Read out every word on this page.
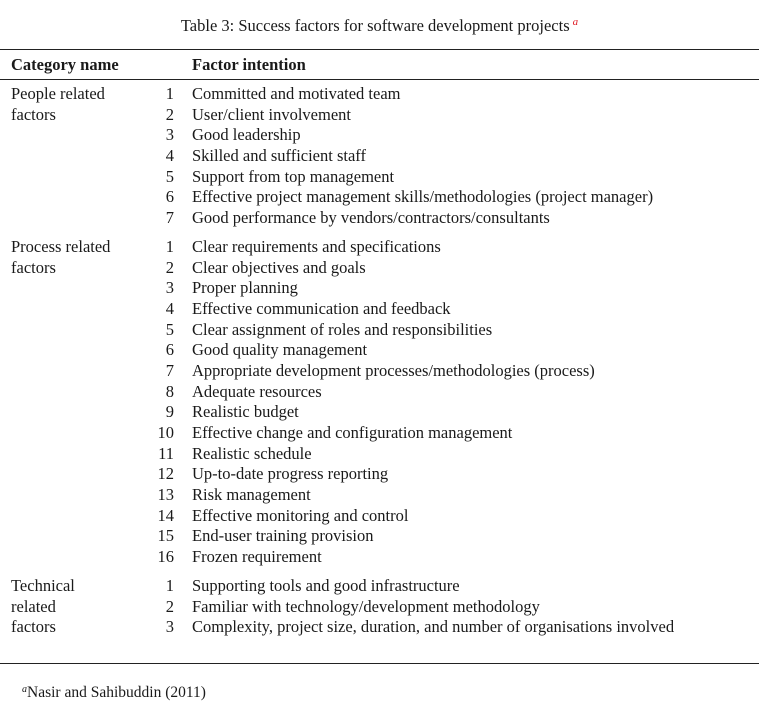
Table 3: Success factors for software development projects $^a$
Category name	Factor intention
People related
factors
1 Committed and motivated team
2 User/client involvement
3 Good leadership
4 Skilled and sufficient staff
5 Support from top management
6 Effective project management skills/methodologies (project manager)
7 Good performance by vendors/contractors/consultants
Process related
factors
1 Clear requirements and specifications
2 Clear objectives and goals
3 Proper planning
4 Effective communication and feedback
5 Clear assignment of roles and responsibilities
6 Good quality management
7 Appropriate development processes/methodologies (process)
8 Adequate resources
9 Realistic budget
10 Effective change and configuration management
11 Realistic schedule
12 Up-to-date progress reporting
13 Risk management
14 Effective monitoring and control
15 End-user training provision
16 Frozen requirement
Technical
related
factors
1 Supporting tools and good infrastructure
2 Familiar with technology/development methodology
3 Complexity, project size, duration, and number of organisations involved
$^a$Nasir and Sahibuddin (2011)
